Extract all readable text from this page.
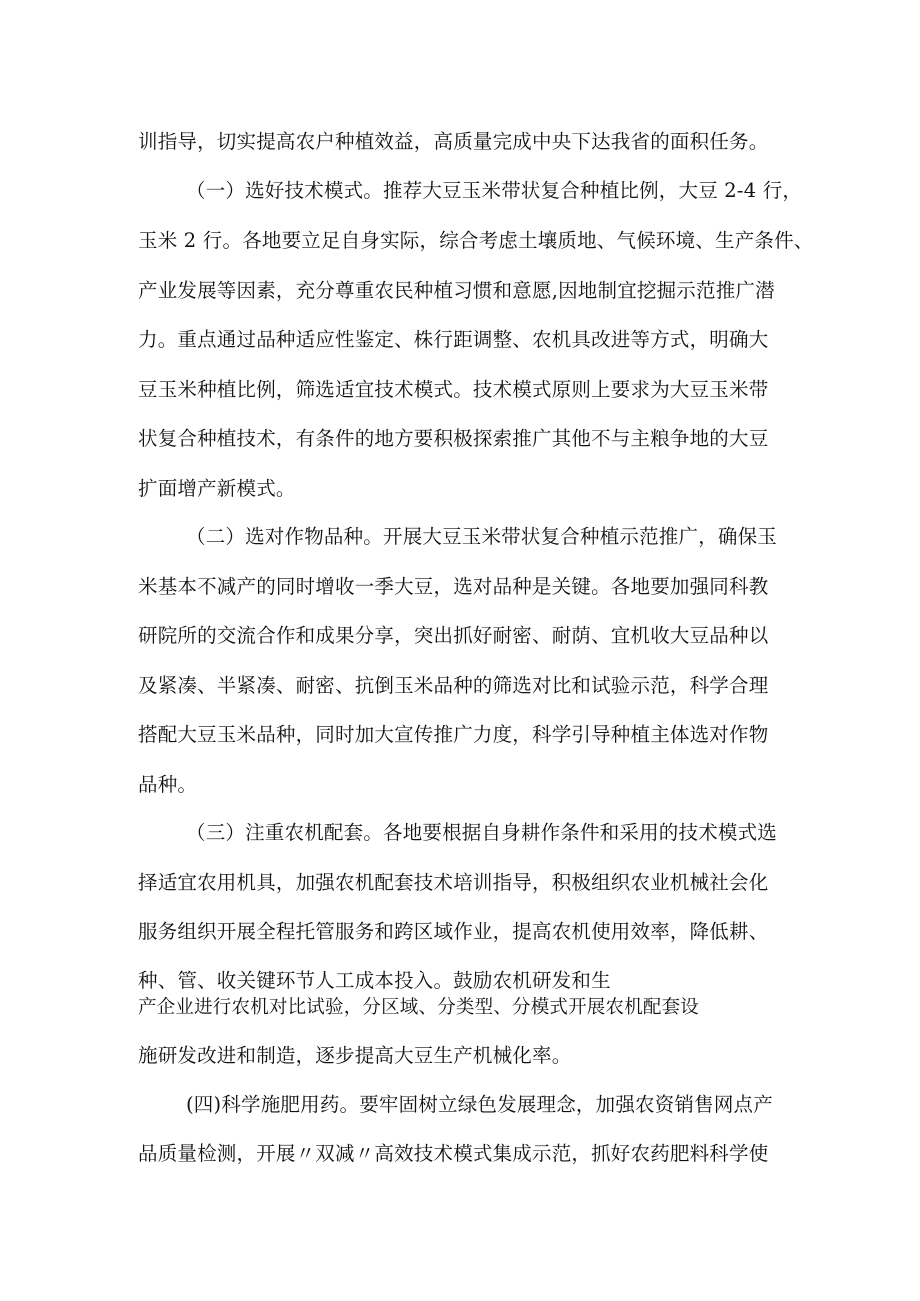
训指导，切实提高农户种植效益，高质量完成中央下达我省的面积任务。
（一）选好技术模式。推荐大豆玉米带状复合种植比例，大豆 2-4 行，
玉米 2 行。各地要立足自身实际，综合考虑土壤质地、气候环境、生产条件、
产业发展等因素，充分尊重农民种植习惯和意愿,因地制宜挖掘示范推广潜
力。重点通过品种适应性鉴定、株行距调整、农机具改进等方式，明确大
豆玉米种植比例，筛选适宜技术模式。技术模式原则上要求为大豆玉米带
状复合种植技术，有条件的地方要积极探索推广其他不与主粮争地的大豆
扩面增产新模式。
（二）选对作物品种。开展大豆玉米带状复合种植示范推广，确保玉
米基本不减产的同时增收一季大豆，选对品种是关键。各地要加强同科教
研院所的交流合作和成果分享，突出抓好耐密、耐荫、宜机收大豆品种以
及紧凑、半紧凑、耐密、抗倒玉米品种的筛选对比和试验示范，科学合理
搭配大豆玉米品种，同时加大宣传推广力度，科学引导种植主体选对作物
品种。
（三）注重农机配套。各地要根据自身耕作条件和采用的技术模式选
择适宜农用机具，加强农机配套技术培训指导，积极组织农业机械社会化
服务组织开展全程托管服务和跨区域作业，提高农机使用效率，降低耕、
种、管、收关键环节人工成本投入。鼓励农机研发和生
产企业进行农机对比试验，分区域、分类型、分模式开展农机配套设
施研发改进和制造，逐步提高大豆生产机械化率。
(四)科学施肥用药。要牢固树立绿色发展理念，加强农资销售网点产
品质量检测，开展〃双减〃高效技术模式集成示范，抓好农药肥料科学使
